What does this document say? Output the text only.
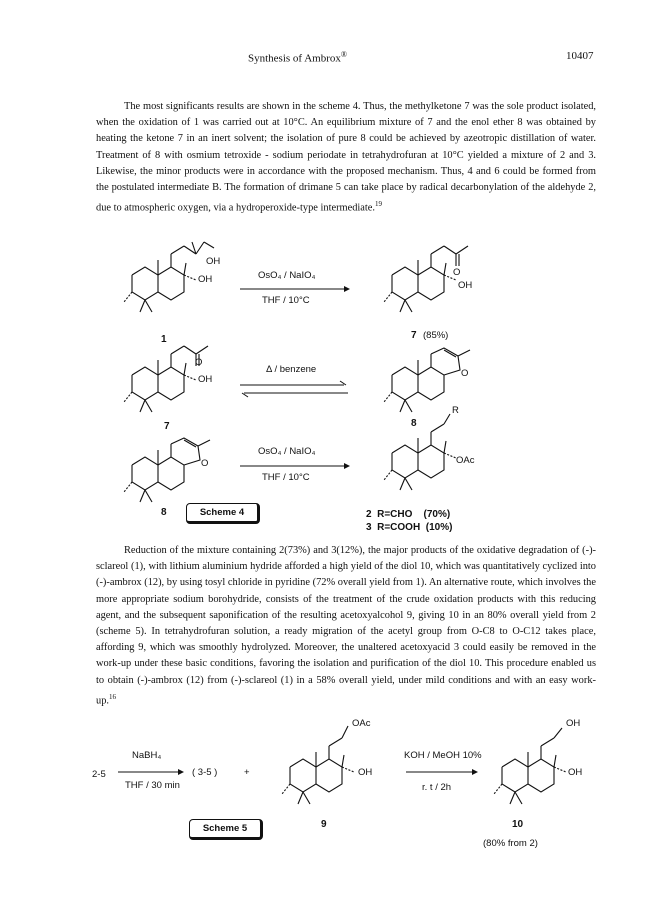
Synthesis of Ambrox®	10407

The most significants results are shown in the scheme 4. Thus, the methylketone 7 was the sole product isolated, when the oxidation of 1 was carried out at 10°C. An equilibrium mixture of 7 and the enol ether 8 was obtained by heating the ketone 7 in an inert solvent; the isolation of pure 8 could be achieved by azeotropic distillation of water. Treatment of 8 with osmium tetroxide - sodium periodate in tetrahydrofuran at 10°C yielded a mixture of 2 and 3. Likewise, the minor products were in accordance with the proposed mechanism. Thus, 4 and 6 could be formed from the postulated intermediate B. The formation of drimane 5 can take place by radical decarbonylation of the aldehyde 2, due to atmospheric oxygen, via a hydroperoxide-type intermediate.$^{19}$

OH
OH
1
OsO₄ / NaIO₄
THF / 10°C
O
OH
7 (85%)
O
OH
7
Δ / benzene	O
8
O
8
OsO₄ / NaIO₄
THF / 10°C
R
OAc
Scheme 4	2  R=CHO    (70%)
3  R=COOH  (10%)

Reduction of the mixture containing 2(73%) and 3(12%), the major products of the oxidative degradation of (-)-sclareol (1), with lithium aluminium hydride afforded a high yield of the diol 10, which was quantitatively cyclized into (-)-ambrox (12), by using tosyl chloride in pyridine (72% overall yield from 1). An alternative route, which involves the more appropriate sodium borohydride, consists of the treatment of the crude oxidation products with this reducing agent, and the subsequent saponification of the resulting acetoxyalcohol 9, giving 10 in an 80% overall yield from 2 (scheme 5). In tetrahydrofuran solution, a ready migration of the acetyl group from O-C8 to O-C12 takes place, affording 9, which was smoothly hydrolyzed. Moreover, the unaltered acetoxyacid 3 could easily be removed in the work-up under these basic conditions, favoring the isolation and purification of the diol 10. This procedure enabled us to obtain (-)-ambrox (12) from (-)-sclareol (1) in a 58% overall yield, under mild conditions and with an easy work-up.$^{16}$

2-5
NaBH₄
THF / 30 min
( 3-5 )	+
OAc
OH
9
KOH / MeOH 10%
r. t / 2h
OH
OH
10
(80% from 2)
Scheme 5
